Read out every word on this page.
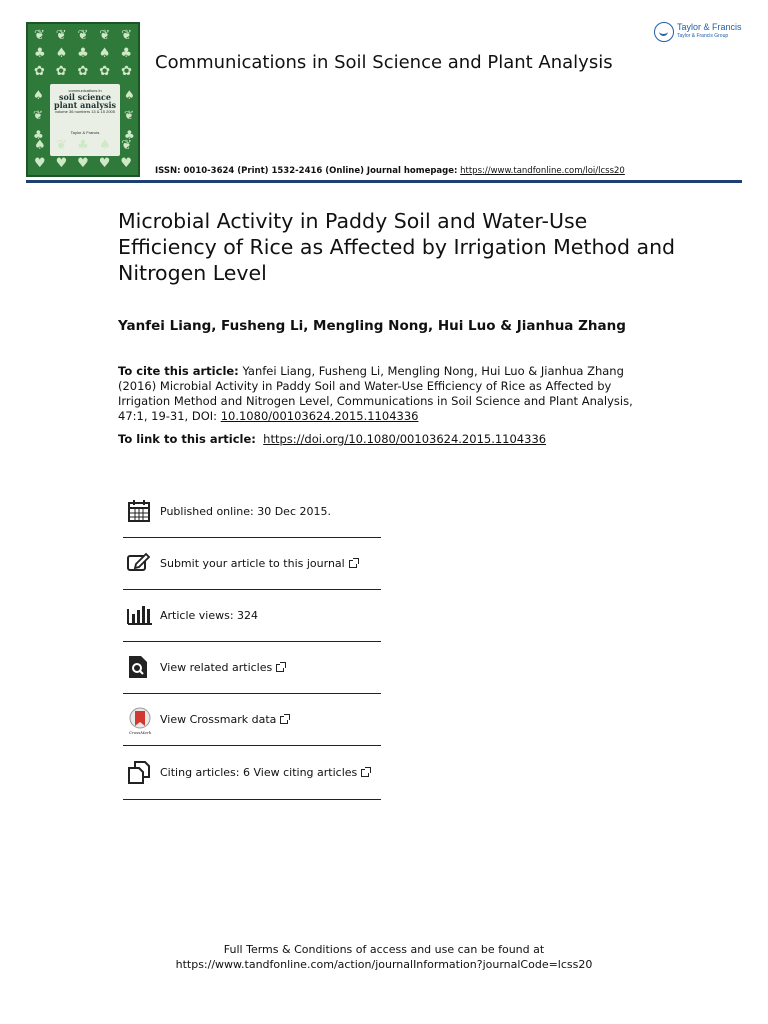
❦ ❦ ❦ ❦ ❦
♣ ♠ ♣ ♠ ♣
✿ ✿ ✿ ✿ ✿
♠
❦
♣
♠
❦
♣
communications in
soil science
plant analysis
volume 36 numbers 13 & 15 2005
Taylor & Francis
♠ ❦ ♣ ♠ ❦
♥ ♥ ♥ ♥ ♥
Communications in Soil Science and Plant Analysis
Taylor & Francis
Taylor & Francis Group
ISSN: 0010-3624 (Print) 1532-2416 (Online) Journal homepage: https://www.tandfonline.com/loi/lcss20
Microbial Activity in Paddy Soil and Water-Use Efficiency of Rice as Affected by Irrigation Method and Nitrogen Level
Yanfei Liang, Fusheng Li, Mengling Nong, Hui Luo & Jianhua Zhang
To cite this article: Yanfei Liang, Fusheng Li, Mengling Nong, Hui Luo & Jianhua Zhang (2016) Microbial Activity in Paddy Soil and Water-Use Efficiency of Rice as Affected by Irrigation Method and Nitrogen Level, Communications in Soil Science and Plant Analysis, 47:1, 19-31, DOI: 10.1080/00103624.2015.1104336
To link to this article: https://doi.org/10.1080/00103624.2015.1104336
Published online: 30 Dec 2015.
Submit your article to this journal
Article views: 324
View related articles
CrossMark
View Crossmark data
Citing articles: 6 View citing articles
Full Terms & Conditions of access and use can be found at
https://www.tandfonline.com/action/journalInformation?journalCode=lcss20
